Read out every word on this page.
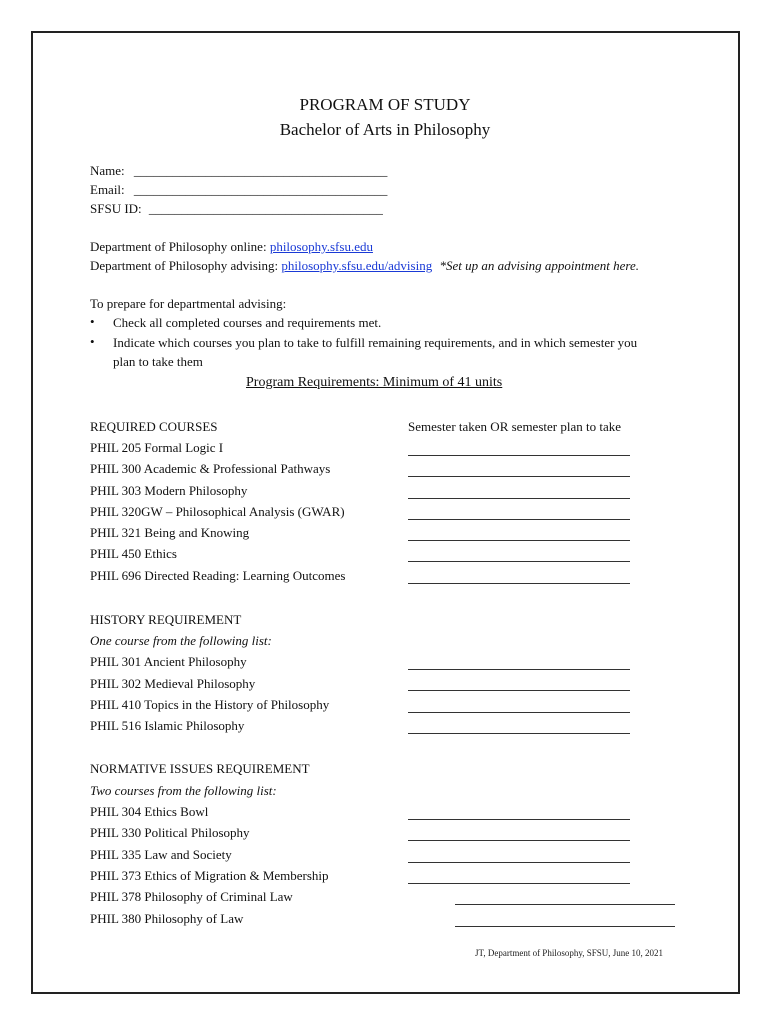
PROGRAM OF STUDY
Bachelor of Arts in Philosophy
Name: _______________________________________
Email: _______________________________________
SFSU ID: ____________________________________
Department of Philosophy online: philosophy.sfsu.edu
Department of Philosophy advising: philosophy.sfsu.edu/advising *Set up an advising appointment here.
To prepare for departmental advising:
• Check all completed courses and requirements met.
• Indicate which courses you plan to take to fulfill remaining requirements, and in which semester you
plan to take them
Program Requirements: Minimum of 41 units
REQUIRED COURSES	Semester taken OR semester plan to take
PHIL 205 Formal Logic I
PHIL 300 Academic & Professional Pathways
PHIL 303 Modern Philosophy
PHIL 320GW – Philosophical Analysis (GWAR)
PHIL 321 Being and Knowing
PHIL 450 Ethics
PHIL 696 Directed Reading: Learning Outcomes
HISTORY REQUIREMENT
One course from the following list:
PHIL 301 Ancient Philosophy
PHIL 302 Medieval Philosophy
PHIL 410 Topics in the History of Philosophy
PHIL 516 Islamic Philosophy
NORMATIVE ISSUES REQUIREMENT
Two courses from the following list:
PHIL 304 Ethics Bowl
PHIL 330 Political Philosophy
PHIL 335 Law and Society
PHIL 373 Ethics of Migration & Membership
PHIL 378 Philosophy of Criminal Law
PHIL 380 Philosophy of Law
JT, Department of Philosophy, SFSU, June 10, 2021
